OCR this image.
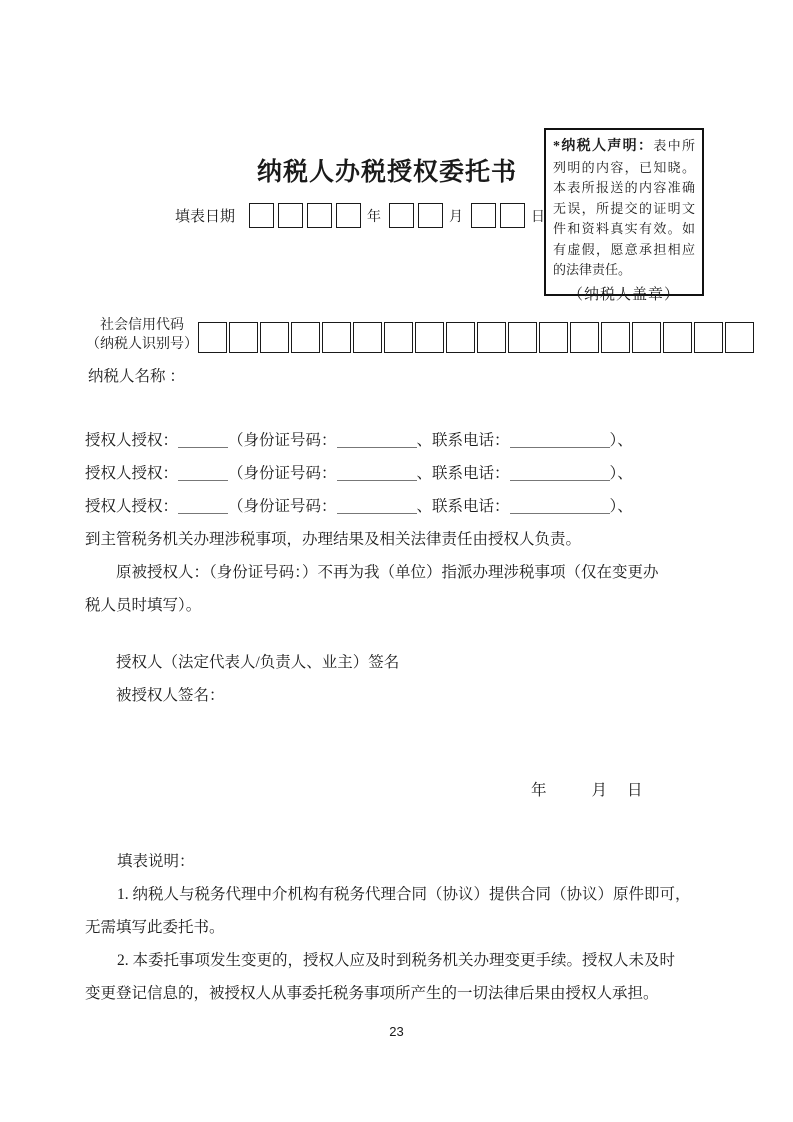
纳税人办税授权委托书
填表日期	年	月	日

*纳税人声明：表中所列明的内容，已知晓。本表所报送的内容准确无误，所提交的证明文件和资料真实有效。如有虚假，愿意承担相应的法律责任。

（纳税人盖章）

社会信用代码
（纳税人识别号）
纳税人名称 ：
授权人授权：	（身份证号码：	、联系电话：	）、
授权人授权：	（身份证号码：	、联系电话：	）、
授权人授权：	（身份证号码：	、联系电话：	）、
到主管税务机关办理涉税事项，办理结果及相关法律责任由授权人负责。
原被授权人：（身份证号码：）不再为我（单位）指派办理涉税事项（仅在变更办
税人员时填写）。
授权人（法定代表人/负责人、业主）签名
被授权人签名：
年	月 日
填表说明：
1. 纳税人与税务代理中介机构有税务代理合同（协议）提供合同（协议）原件即可，
无需填写此委托书。
2. 本委托事项发生变更的，授权人应及时到税务机关办理变更手续。授权人未及时
变更登记信息的，被授权人从事委托税务事项所产生的一切法律后果由授权人承担。
23
